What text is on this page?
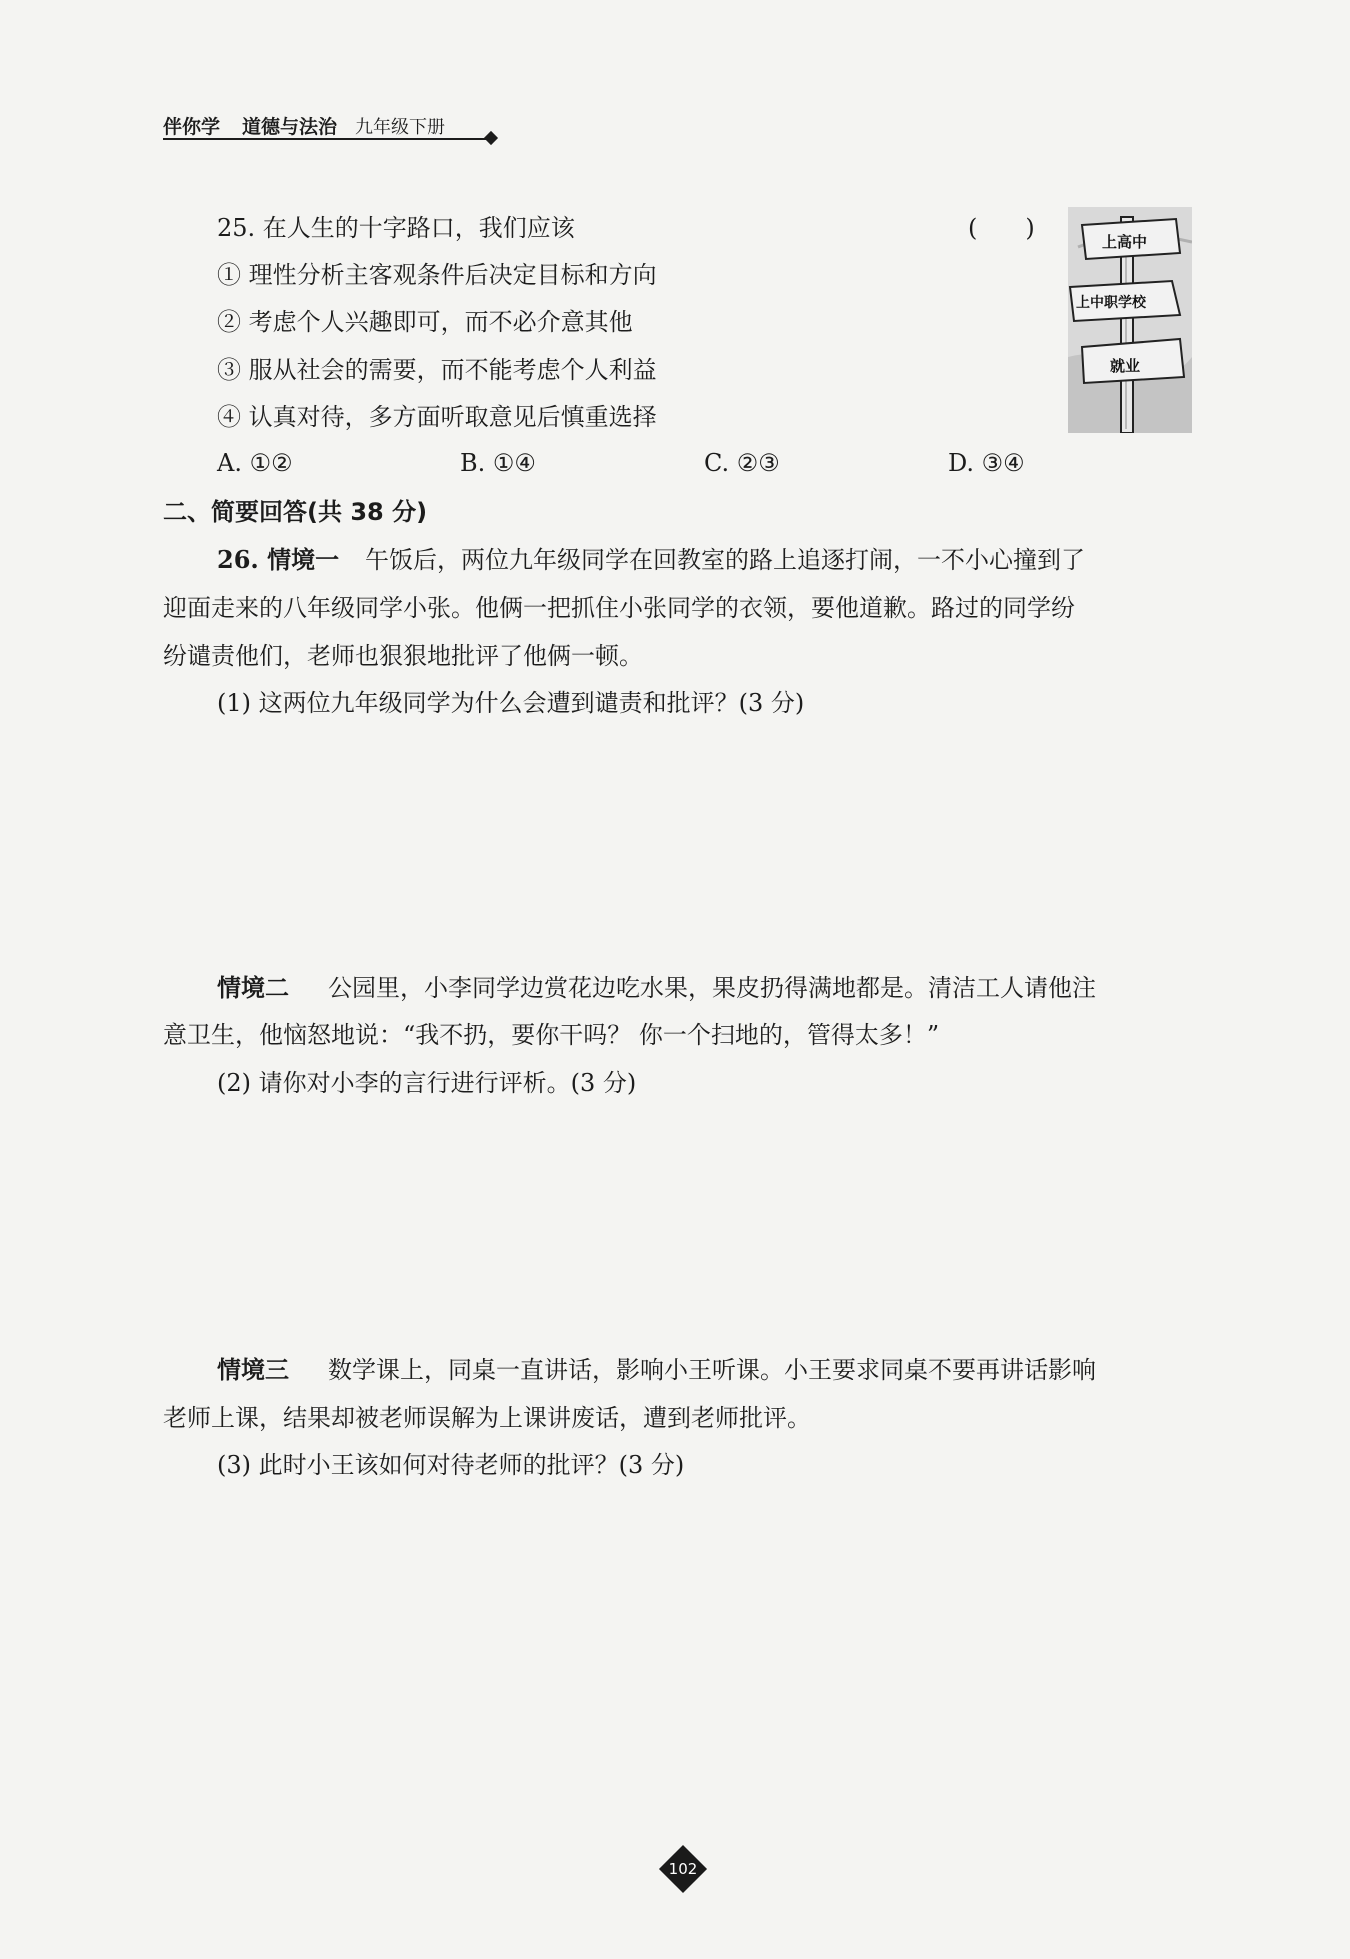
伴你学 道德与法治 九年级下册
25. 在人生的十字路口，我们应该	(　　)
① 理性分析主客观条件后决定目标和方向
② 考虑个人兴趣即可，而不必介意其他
③ 服从社会的需要，而不能考虑个人利益
④ 认真对待，多方面听取意见后慎重选择
A. ①②	B. ①④	C. ②③	D. ③④
上高中
上中职学校
就业
二、简要回答(共 38 分)
26. 情境一 午饭后，两位九年级同学在回教室的路上追逐打闹，一不小心撞到了
迎面走来的八年级同学小张。他俩一把抓住小张同学的衣领，要他道歉。路过的同学纷
纷谴责他们，老师也狠狠地批评了他俩一顿。
(1) 这两位九年级同学为什么会遭到谴责和批评？(3 分)
情境二 公园里，小李同学边赏花边吃水果，果皮扔得满地都是。清洁工人请他注
意卫生，他恼怒地说：“我不扔，要你干吗？ 你一个扫地的，管得太多！”
(2) 请你对小李的言行进行评析。(3 分)
情境三 数学课上，同桌一直讲话，影响小王听课。小王要求同桌不要再讲话影响
老师上课，结果却被老师误解为上课讲废话，遭到老师批评。
(3) 此时小王该如何对待老师的批评？(3 分)
102
